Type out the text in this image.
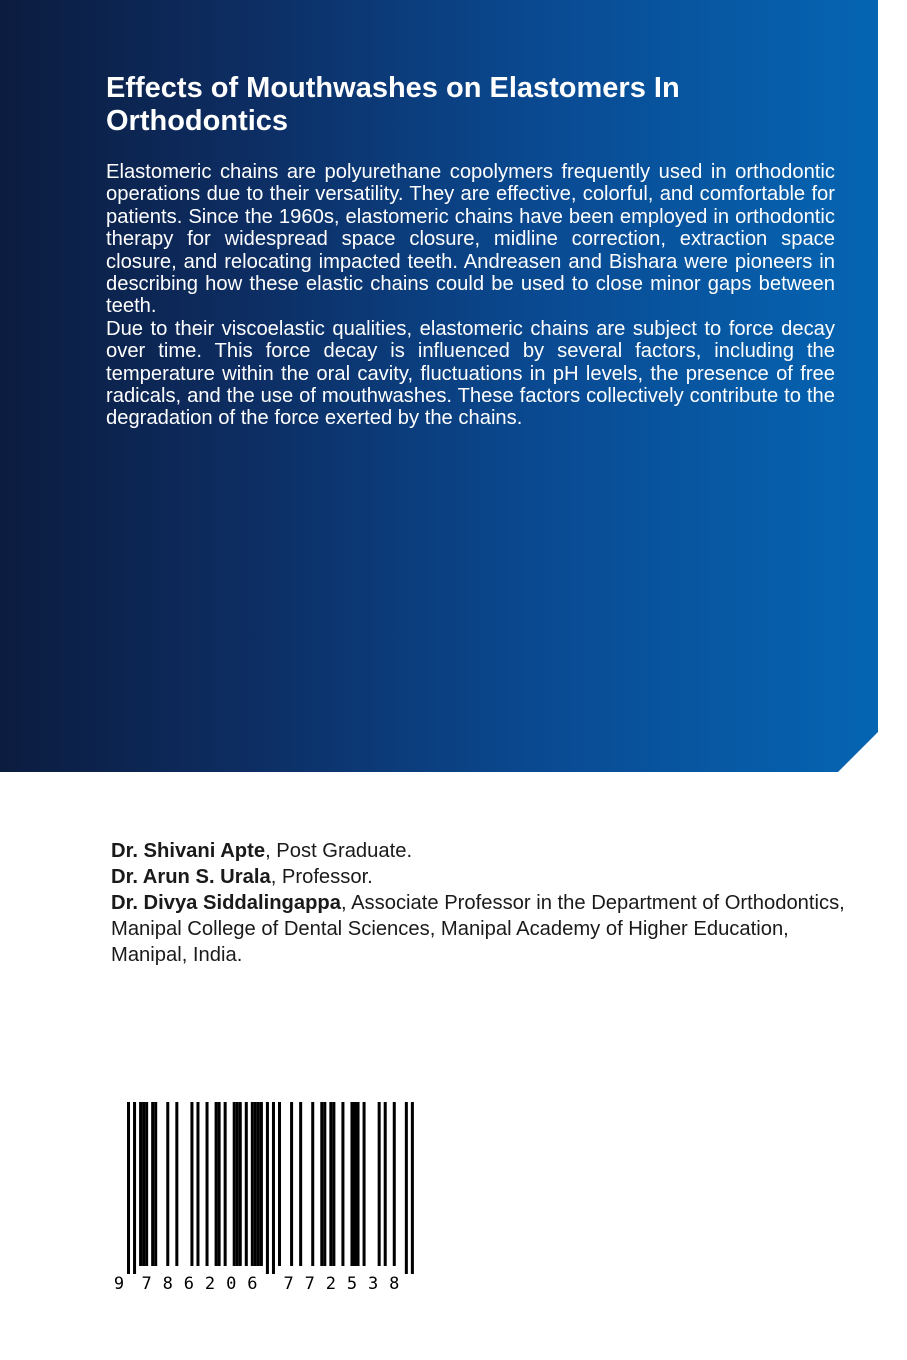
Effects of Mouthwashes on Elastomers In Orthodontics

Elastomeric chains are polyurethane copolymers frequently used in orthodontic operations due to their versatility. They are effective, colorful, and comfortable for patients. Since the 1960s, elastomeric chains have been employed in orthodontic therapy for widespread space closure, midline correction, extraction space closure, and relocating impacted teeth. Andreasen and Bishara were pioneers in describing how these elastic chains could be used to close minor gaps between teeth.

Due to their viscoelastic qualities, elastomeric chains are subject to force decay over time. This force decay is influenced by several factors, including the temperature within the oral cavity, fluctuations in pH levels, the presence of free radicals, and the use of mouthwashes. These factors collectively contribute to the degradation of the force exerted by the chains.

Dr. Shivani Apte, Post Graduate.

Dr. Arun S. Urala, Professor.

Dr. Divya Siddalingappa, Associate Professor in the Department of Orthodontics, Manipal College of Dental Sciences, Manipal Academy of Higher Education, Manipal, India.

9 7 8 6 2 0 6 7 7 2 5 3 8
